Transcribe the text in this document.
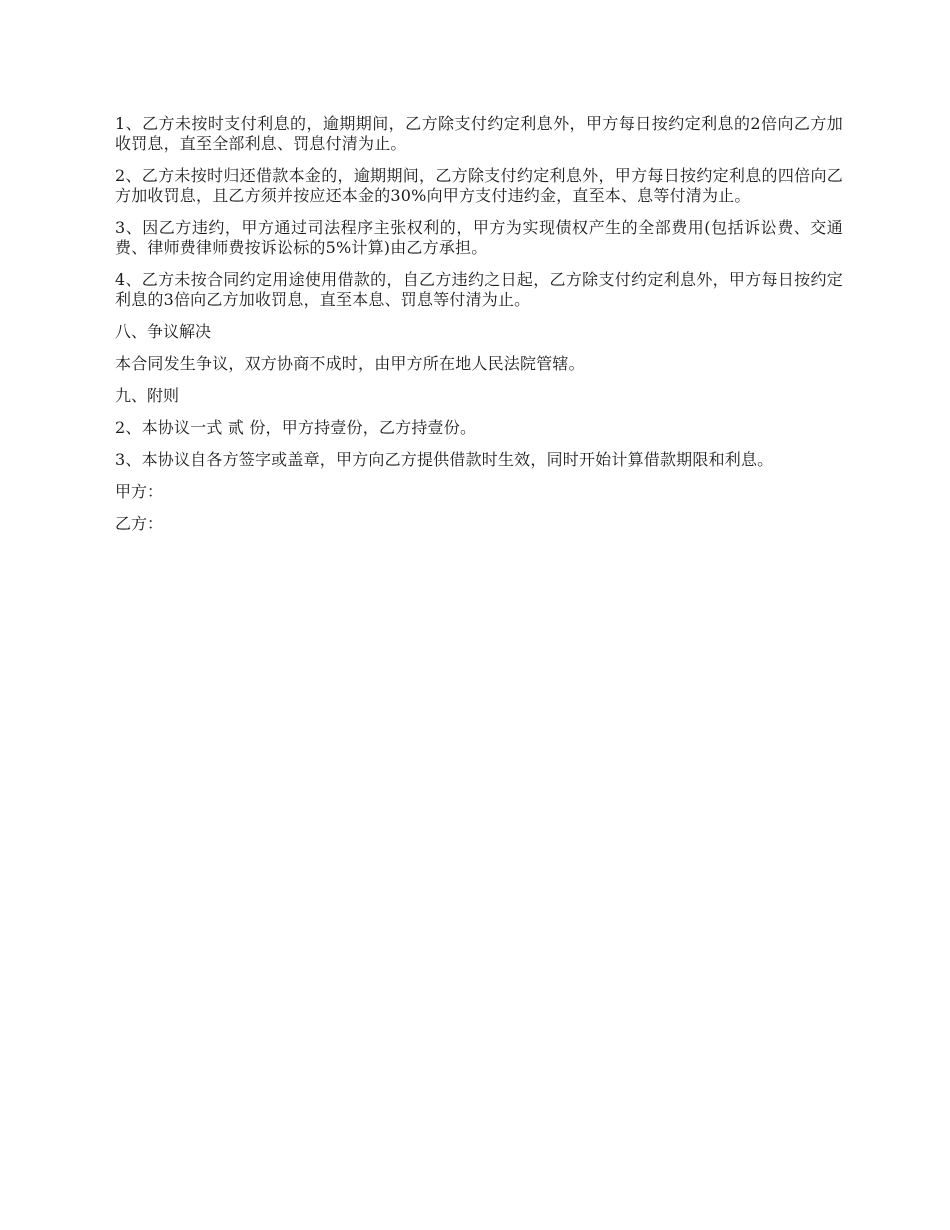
1、乙方未按时支付利息的，逾期期间，乙方除支付约定利息外，甲方每日按约定利息的2倍向乙方加收罚息，直至全部利息、罚息付清为止。

2、乙方未按时归还借款本金的，逾期期间，乙方除支付约定利息外，甲方每日按约定利息的四倍向乙方加收罚息，且乙方须并按应还本金的30%向甲方支付违约金，直至本、息等付清为止。

3、因乙方违约，甲方通过司法程序主张权利的，甲方为实现债权产生的全部费用(包括诉讼费、交通费、律师费律师费按诉讼标的5%计算)由乙方承担。

4、乙方未按合同约定用途使用借款的，自乙方违约之日起，乙方除支付约定利息外，甲方每日按约定利息的3倍向乙方加收罚息，直至本息、罚息等付清为止。

八、争议解决

本合同发生争议，双方协商不成时，由甲方所在地人民法院管辖。

九、附则

2、本协议一式 贰 份，甲方持壹份，乙方持壹份。

3、本协议自各方签字或盖章，甲方向乙方提供借款时生效，同时开始计算借款期限和利息。

甲方：

乙方：
